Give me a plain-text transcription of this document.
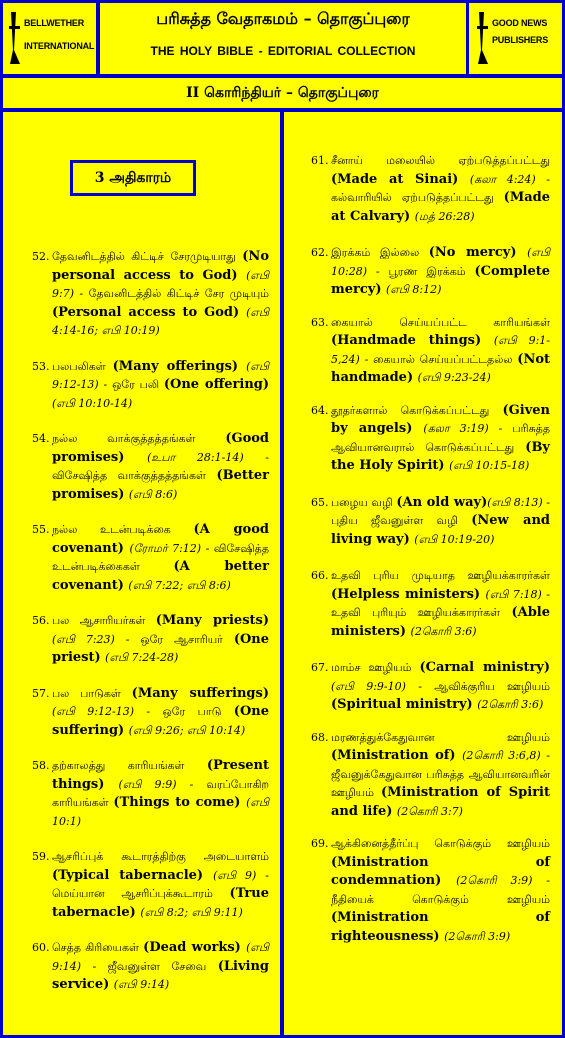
BELLWETHER
INTERNATIONAL
பரிசுத்த வேதாகமம் – தொகுப்புரை
THE HOLY BIBLE - EDITORIAL COLLECTION
GOOD NEWS
PUBLISHERS
II கொரிந்தியர் – தொகுப்புரை
3 அதிகாரம்
52. தேவனிடத்தில் கிட்டிச் சேரமுடியாது (No personal access to God) (எபி 9:7) - தேவனிடத்தில் கிட்டிச் சேர முடியும் (Personal access to God) (எபி 4:14-16; எபி 10:19)
53. பலபலிகள் (Many offerings) (எபி 9:12-13) - ஒரே பலி (One offering) (எபி 10:10-14)
54. நல்ல வாக்குத்தத்தங்கள் (Good promises) (உபா 28:1-14) - விசேஷித்த வாக்குத்தத்தங்கள் (Better promises) (எபி 8:6)
55. நல்ல உடன்படிக்கை (A good covenant) (ரோமர் 7:12) - விசேஷித்த உடன்படிக்கைகள் (A better covenant) (எபி 7:22; எபி 8:6)
56. பல ஆசாரியர்கள் (Many priests) (எபி 7:23) - ஒரே ஆசாரியர் (One priest) (எபி 7:24-28)
57. பல பாடுகள் (Many sufferings) (எபி 9:12-13) - ஒரே பாடு (One suffering) (எபி 9:26; எபி 10:14)
58. தற்காலத்து காரியங்கள் (Present things) (எபி 9:9) - வரப்போகிற காரியங்கள் (Things to come) (எபி 10:1)
59. ஆசரிப்புக் கூடாரத்திற்கு அடையாளம் (Typical tabernacle) (எபி 9) - மெய்யான ஆசரிப்புக்கூடாரம் (True tabernacle) (எபி 8:2; எபி 9:11)
60. செத்த கிரியைகள் (Dead works) (எபி 9:14) - ஜீவனுள்ள சேவை (Living service) (எபி 9:14)
61. சீனாய் மலையில் ஏற்படுத்தப்பட்டது (Made at Sinai) (கலா 4:24) - கல்வாரியில் ஏற்படுத்தப்பட்டது (Made at Calvary) (மத் 26:28)
62. இரக்கம் இல்லை (No mercy) (எபி 10:28) - பூரண இரக்கம் (Complete mercy) (எபி 8:12)
63. கையால் செய்யப்பட்ட காரியங்கள் (Handmade things) (எபி 9:1-5,24) - கையால் செய்யப்பட்டதல்ல (Not handmade) (எபி 9:23-24)
64. தூதர்களால் கொடுக்கப்பட்டது (Given by angels) (கலா 3:19) - பரிசுத்த ஆவியானவரால் கொடுக்கப்பட்டது (By the Holy Spirit) (எபி 10:15-18)
65. பழைய வழி (An old way)(எபி 8:13) - புதிய ஜீவனுள்ள வழி (New and living way) (எபி 10:19-20)
66. உதவி புரிய முடியாத ஊழியக்காரர்கள் (Helpless ministers) (எபி 7:18) - உதவி புரியும் ஊழியக்காரர்கள் (Able ministers) (2கொரி 3:6)
67. மாம்ச ஊழியம் (Carnal ministry) (எபி 9:9-10) - ஆவிக்குரிய ஊழியம் (Spiritual ministry) (2கொரி 3:6)
68. மரணத்துக்கேதுவான ஊழியம் (Ministration of) (2கொரி 3:6,8) - ஜீவனுக்கேதுவான பரிசுத்த ஆவியானவரின் ஊழியம் (Ministration of Spirit and life) (2கொரி 3:7)
69. ஆக்கினைத்தீர்ப்பு கொடுக்கும் ஊழியம் (Ministration of condemnation) (2கொரி 3:9) - நீதியைக் கொடுக்கும் ஊழியம் (Ministration of righteousness) (2கொரி 3:9)
